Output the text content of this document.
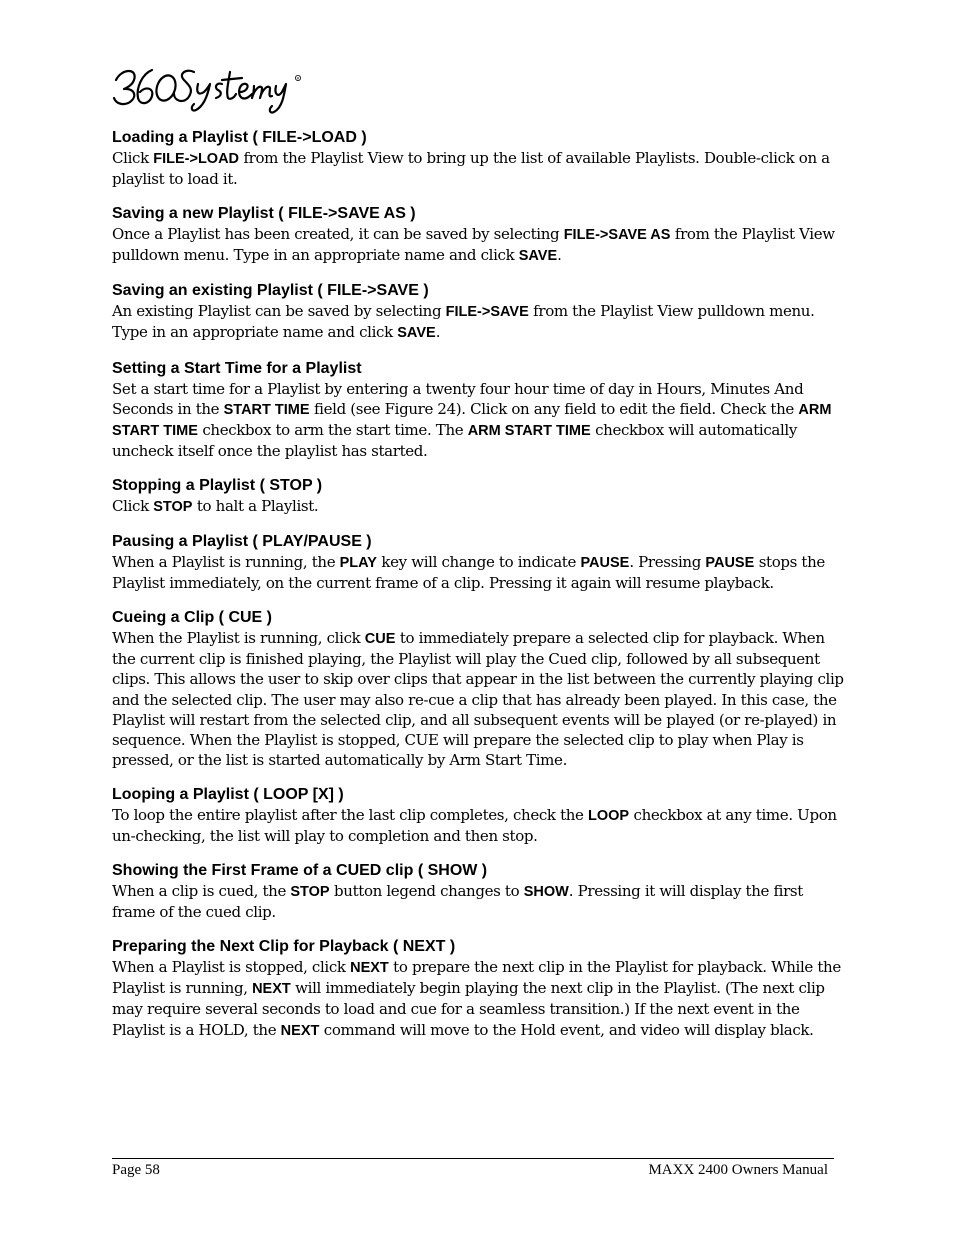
R
Loading a Playlist ( FILE->LOAD )

Click FILE->LOAD from the Playlist View to bring up the list of available Playlists. Double-click on a playlist to load it.

Saving a new Playlist ( FILE->SAVE AS )

Once a Playlist has been created, it can be saved by selecting FILE->SAVE AS from the Playlist View pulldown menu. Type in an appropriate name and click SAVE.

Saving an existing Playlist ( FILE->SAVE )

An existing Playlist can be saved by selecting FILE->SAVE from the Playlist View pulldown menu. Type in an appropriate name and click SAVE.

Setting a Start Time for a Playlist

Set a start time for a Playlist by entering a twenty four hour time of day in Hours, Minutes And Seconds in the START TIME field (see Figure 24). Click on any field to edit the field. Check the ARM START TIME checkbox to arm the start time. The ARM START TIME checkbox will automatically uncheck itself once the playlist has started.

Stopping a Playlist ( STOP )

Click STOP to halt a Playlist.

Pausing a Playlist ( PLAY/PAUSE )

When a Playlist is running, the PLAY key will change to indicate PAUSE. Pressing PAUSE stops the Playlist immediately, on the current frame of a clip. Pressing it again will resume playback.

Cueing a Clip ( CUE )

When the Playlist is running, click CUE to immediately prepare a selected clip for playback. When the current clip is finished playing, the Playlist will play the Cued clip, followed by all subsequent clips. This allows the user to skip over clips that appear in the list between the currently playing clip and the selected clip. The user may also re-cue a clip that has already been played. In this case, the Playlist will restart from the selected clip, and all subsequent events will be played (or re-played) in sequence. When the Playlist is stopped, CUE will prepare the selected clip to play when Play is pressed, or the list is started automatically by Arm Start Time.

Looping a Playlist ( LOOP [X] )

To loop the entire playlist after the last clip completes, check the LOOP checkbox at any time. Upon un-checking, the list will play to completion and then stop.

Showing the First Frame of a CUED clip ( SHOW )

When a clip is cued, the STOP button legend changes to SHOW. Pressing it will display the first frame of the cued clip.

Preparing the Next Clip for Playback ( NEXT )

When a Playlist is stopped, click NEXT to prepare the next clip in the Playlist for playback. While the Playlist is running, NEXT will immediately begin playing the next clip in the Playlist. (The next clip may require several seconds to load and cue for a seamless transition.) If the next event in the Playlist is a HOLD, the NEXT command will move to the Hold event, and video will display black.

Page 58	MAXX 2400 Owners Manual
